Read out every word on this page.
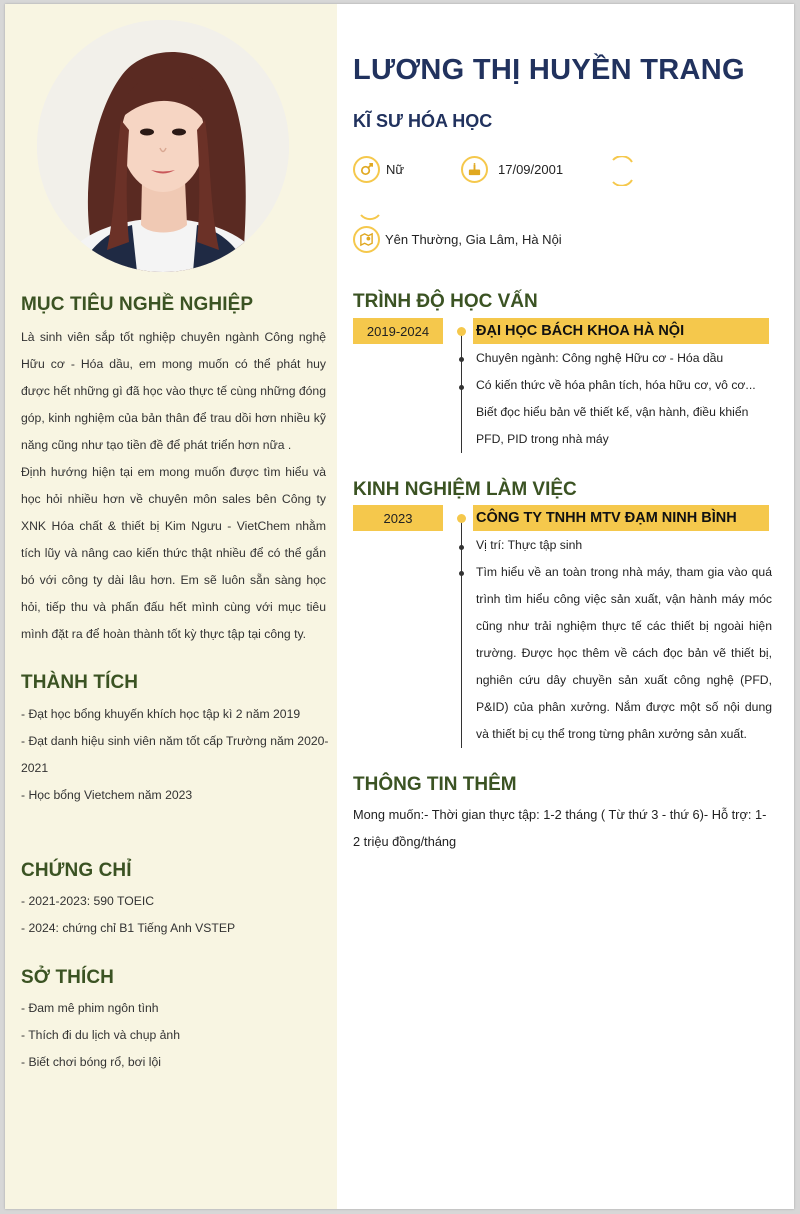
MỤC TIÊU NGHỀ NGHIỆP
Là sinh viên sắp tốt nghiệp chuyên ngành Công nghệ Hữu cơ - Hóa dầu, em mong muốn có thể phát huy được hết những gì đã học vào thực tế cùng những đóng góp, kinh nghiệm của bản thân để trau dồi hơn nhiều kỹ năng cũng như tạo tiền đề để phát triển hơn nữa .
Định hướng hiện tại em mong muốn được tìm hiểu và học hỏi nhiều hơn về chuyên môn sales bên Công ty XNK Hóa chất & thiết bị Kim Ngưu - VietChem nhằm tích lũy và nâng cao kiến thức thật nhiều để có thể gắn bó với công ty dài lâu hơn. Em sẽ luôn sẵn sàng học hỏi, tiếp thu và phấn đấu hết mình cùng với mục tiêu mình đặt ra để hoàn thành tốt kỳ thực tập tại công ty.
THÀNH TÍCH
- Đạt học bổng khuyến khích học tập kì 2 năm 2019
- Đạt danh hiệu sinh viên năm tốt cấp Trường năm 2020-2021
- Học bổng Vietchem năm 2023
CHỨNG CHỈ
- 2021-2023: 590 TOEIC
- 2024: chứng chỉ B1 Tiếng Anh VSTEP
SỞ THÍCH
- Đam mê phim ngôn tình
- Thích đi du lịch và chụp ảnh
- Biết chơi bóng rổ, bơi lội
LƯƠNG THỊ HUYỀN TRANG
KĨ SƯ HÓA HỌC
Nữ	17/09/2001
Yên Thường, Gia Lâm, Hà Nội
TRÌNH ĐỘ HỌC VẤN
2019-2024	ĐẠI HỌC BÁCH KHOA HÀ NỘI
Chuyên ngành: Công nghệ Hữu cơ - Hóa dầu
Có kiến thức về hóa phân tích, hóa hữu cơ, vô cơ... Biết đọc hiểu bản vẽ thiết kế, vận hành, điều khiển PFD, PID trong nhà máy
KINH NGHIỆM LÀM VIỆC
2023	CÔNG TY TNHH MTV ĐẠM NINH BÌNH
Vị trí: Thực tập sinh
Tìm hiểu về an toàn trong nhà máy, tham gia vào quá trình tìm hiểu công việc sản xuất, vận hành máy móc cũng như trải nghiệm thực tế các thiết bị ngoài hiện trường. Được học thêm về cách đọc bản vẽ thiết bị, nghiên cứu dây chuyền sản xuất công nghệ (PFD, P&ID) của phân xưởng. Nắm được một số nội dung và thiết bị cụ thể trong từng phân xưởng sản xuất.
THÔNG TIN THÊM
Mong muốn:- Thời gian thực tập: 1-2 tháng ( Từ thứ 3 - thứ 6)- Hỗ trợ: 1-2 triệu đồng/tháng
